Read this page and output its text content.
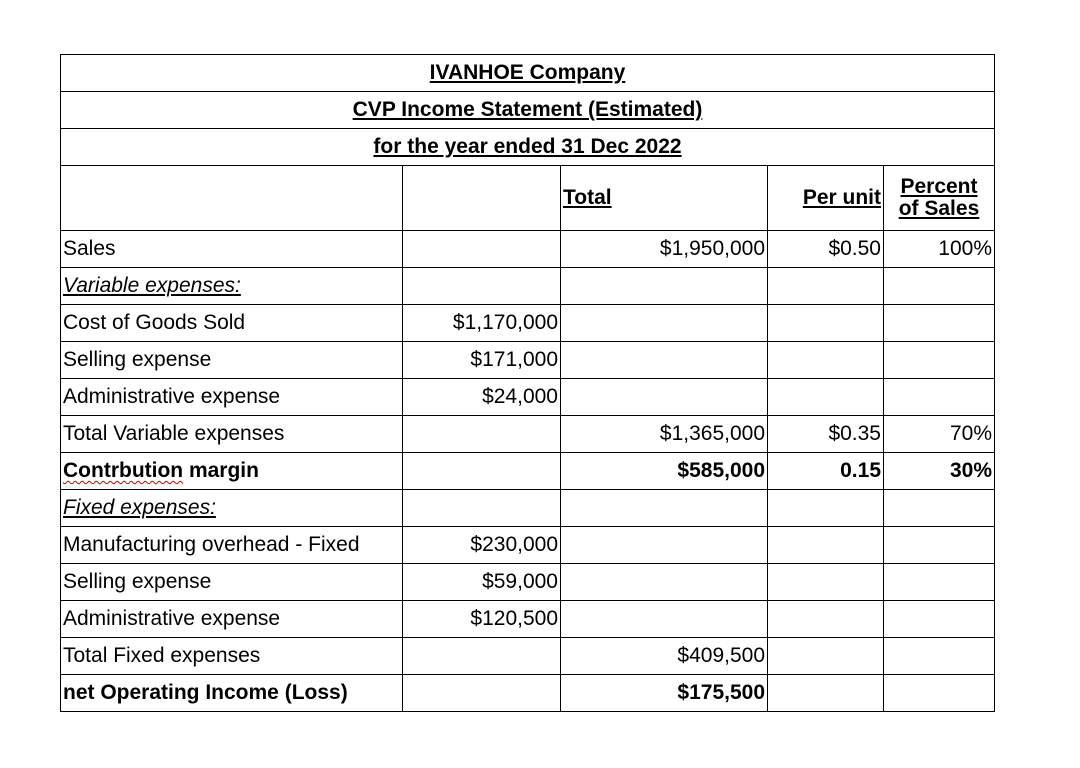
IVANHOE Company				
CVP Income Statement (Estimated)				
for the year ended 31 Dec 2022				
		Total	Per unit	Percent
of Sales
Sales		$1,950,000	$0.50	100%
Variable expenses:				
Cost of Goods Sold	$1,170,000			
Selling expense	$171,000			
Administrative expense	$24,000			
Total Variable expenses		$1,365,000	$0.35	70%
Contrbution margin		$585,000	0.15	30%
Fixed expenses:				
Manufacturing overhead - Fixed	$230,000			
Selling expense	$59,000			
Administrative expense	$120,500			
Total Fixed expenses		$409,500		
net Operating Income (Loss)		$175,500		
